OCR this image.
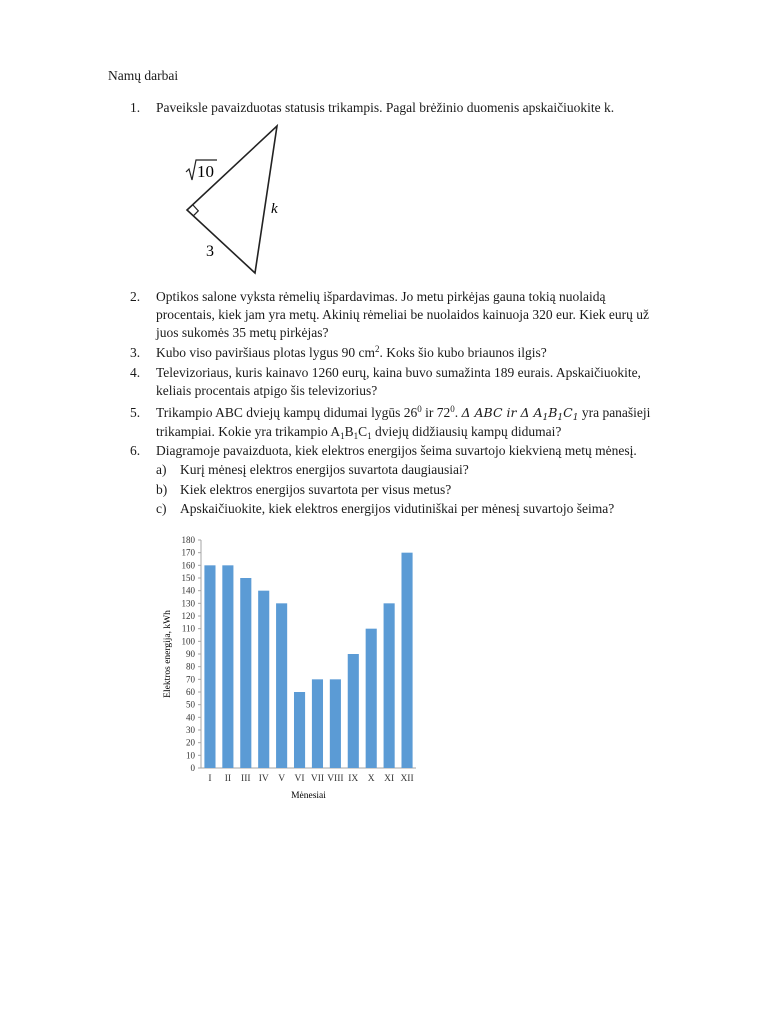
Namų darbai
1. Paveiksle pavaizduotas statusis trikampis. Pagal brėžinio duomenis apskaičiuokite k.
10
k
3
2. Optikos salone vyksta rėmelių išpardavimas. Jo metu pirkėjas gauna tokią nuolaidą
procentais, kiek jam yra metų. Akinių rėmeliai be nuolaidos kainuoja 320 eur. Kiek eurų už
juos sukomės 35 metų pirkėjas?
3. Kubo viso paviršiaus plotas lygus 90 $cm^2$. Koks šio kubo briaunos ilgis?
4. Televizoriaus, kuris kainavo 1260 eurų, kaina buvo sumažinta 189 eurais. Apskaičiuokite,
keliais procentais atpigo šis televizorius?
5. Trikampio ABC dviejų kampų didumai lygūs $26^0$ ir $72^0$. Δ ABC ir Δ $A_1B_1C_1$ yra panašieji
trikampiai. Kokie yra trikampio $A_1B_1C_1$ dviejų didžiausių kampų didumai?
6. Diagramoje pavaizduota, kiek elektros energijos šeima suvartojo kiekvieną metų mėnesį.
a) Kurį mėnesį elektros energijos suvartota daugiausiai?
b) Kiek elektros energijos suvartota per visus metus?
c) Apskaičiuokite, kiek elektros energijos vidutiniškai per mėnesį suvartojo šeima?
Elektros energija, kWh
Mėnesiai
0
10
20
30
40
50
60
70
80
90
100
110
120
130
140
150
160
170
180
I II III IV V VI VII VIII IX X XI XII
